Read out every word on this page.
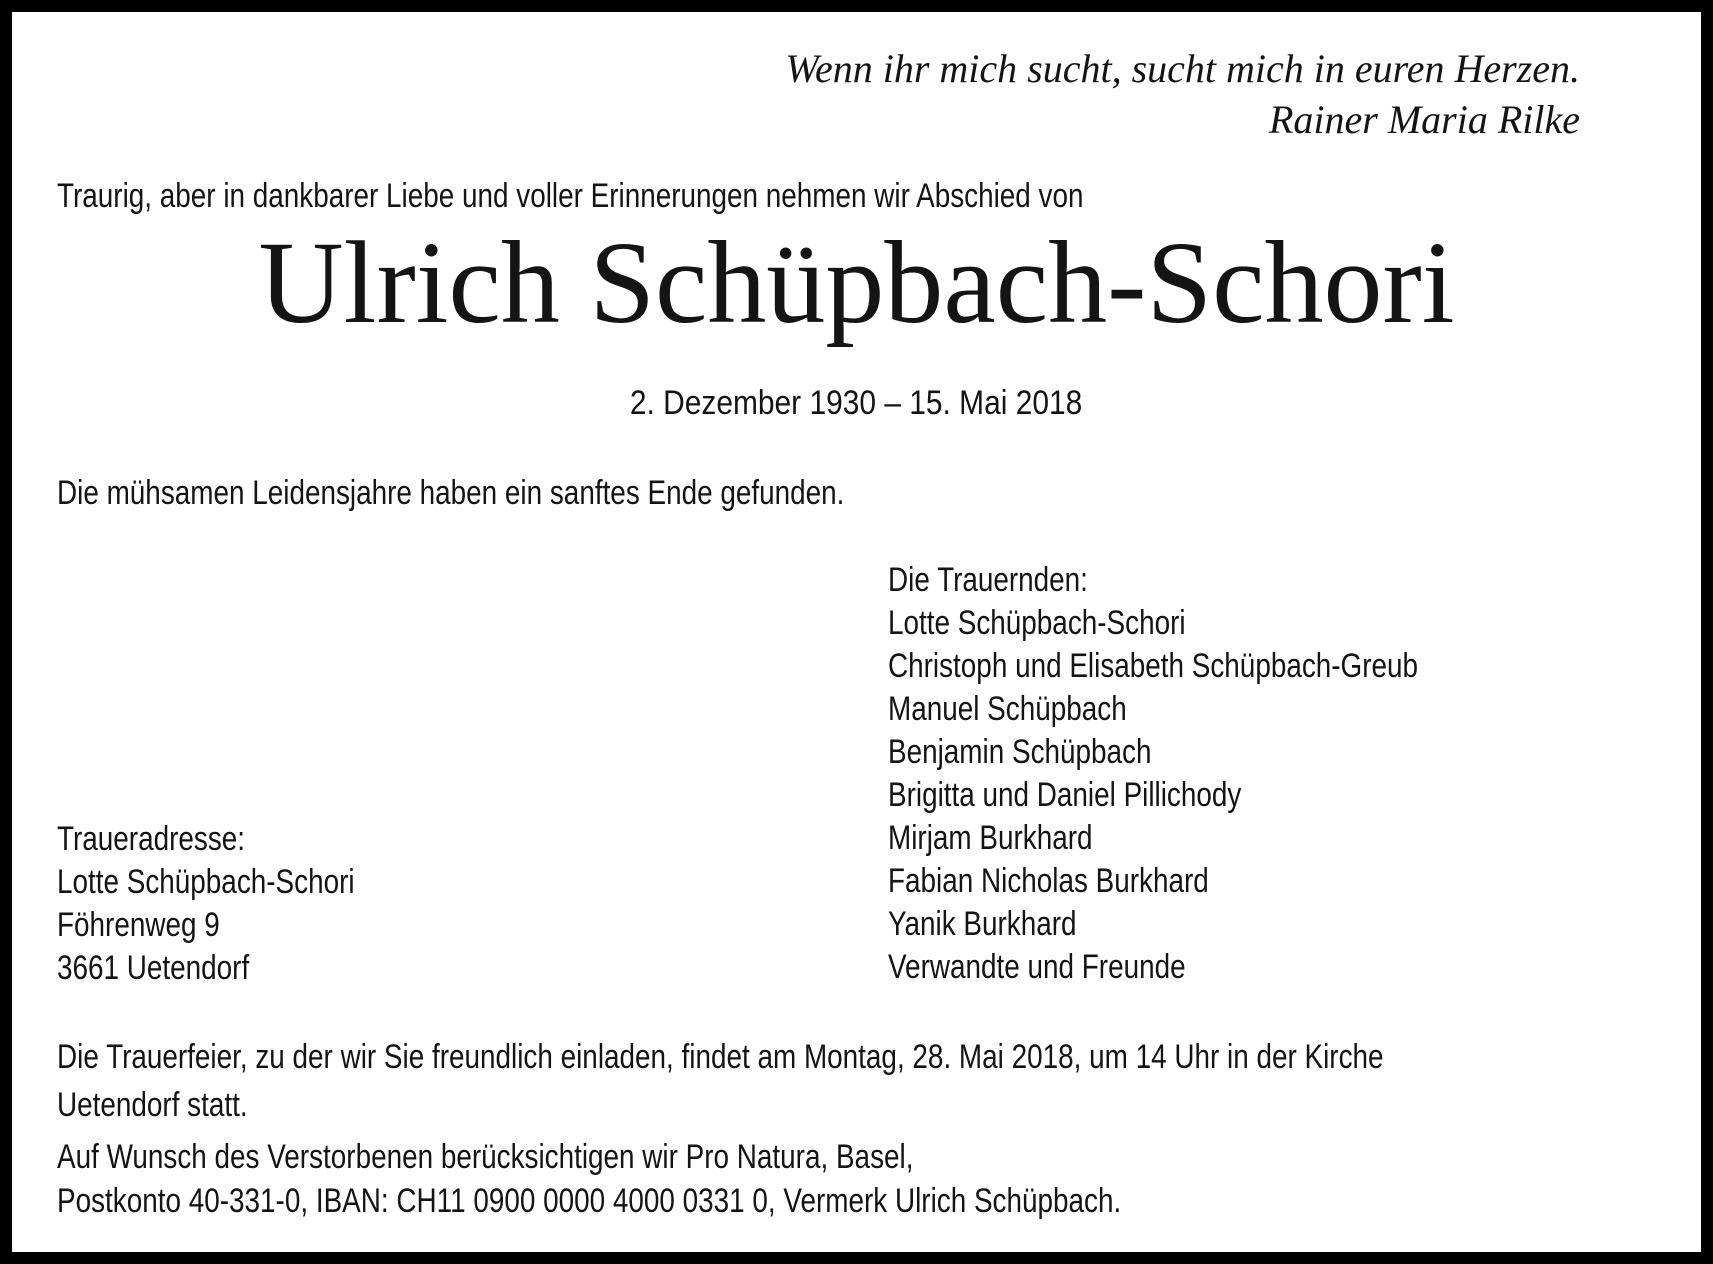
Wenn ihr mich sucht, sucht mich in euren Herzen.
Rainer Maria Rilke
Traurig, aber in dankbarer Liebe und voller Erinnerungen nehmen wir Abschied von
Ulrich Schüpbach-Schori
2. Dezember 1930 – 15. Mai 2018
Die mühsamen Leidensjahre haben ein sanftes Ende gefunden.
Die Trauernden:
Lotte Schüpbach-Schori
Christoph und Elisabeth Schüpbach-Greub
Manuel Schüpbach
Benjamin Schüpbach
Brigitta und Daniel Pillichody
Mirjam Burkhard
Fabian Nicholas Burkhard
Yanik Burkhard
Verwandte und Freunde
Traueradresse:
Lotte Schüpbach-Schori
Föhrenweg 9
3661 Uetendorf
Die Trauerfeier, zu der wir Sie freundlich einladen, findet am Montag, 28. Mai 2018, um 14 Uhr in der Kirche
Uetendorf statt.
Auf Wunsch des Verstorbenen berücksichtigen wir Pro Natura, Basel,
Postkonto 40-331-0, IBAN: CH11 0900 0000 4000 0331 0, Vermerk Ulrich Schüpbach.
